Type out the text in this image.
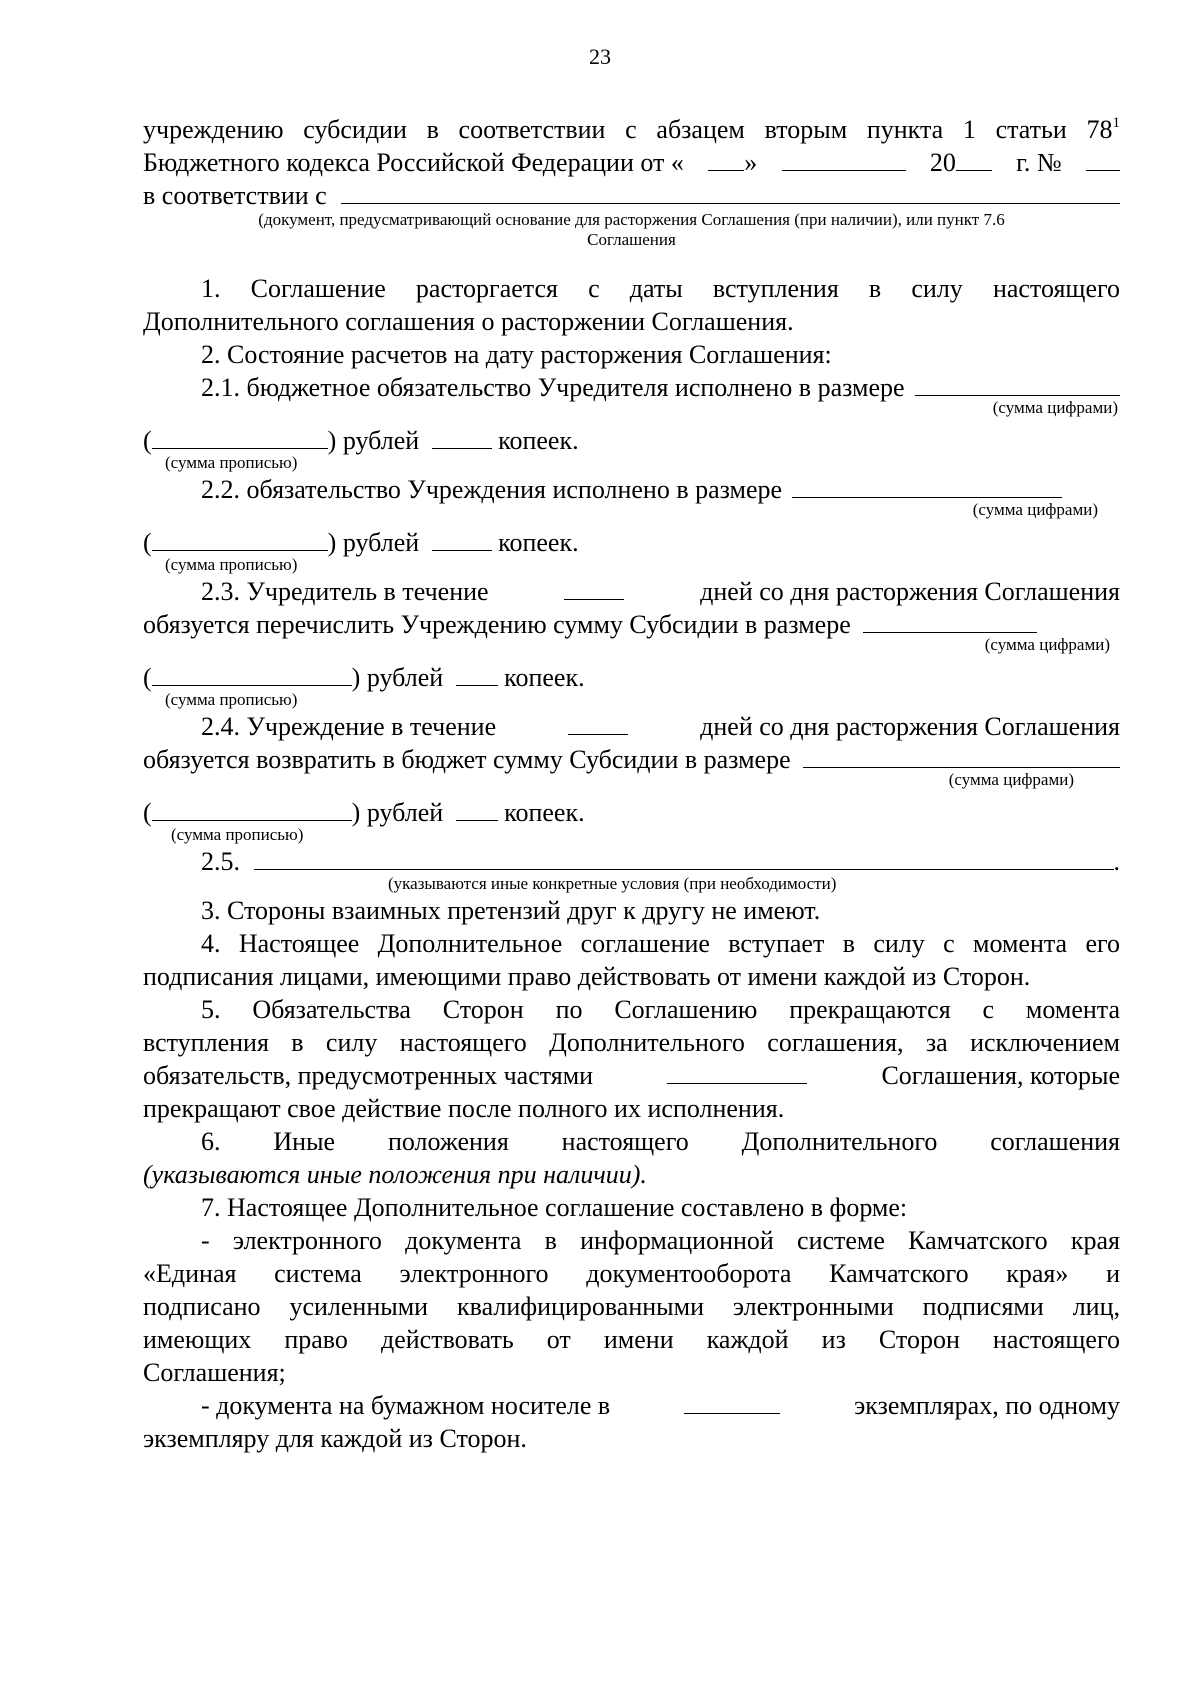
23
учреждению субсидии в соответствии с абзацем вторым пункта 1 статьи $78^1$
Бюджетного кодекса Российской Федерации от « »	20 г. №
в соответствии с
(документ, предусматривающий основание для расторжения Соглашения (при наличии), или пункт 7.6
Соглашения
1. Соглашение расторгается с даты вступления в силу настоящего
Дополнительного соглашения о расторжении Соглашения.
2. Состояние расчетов на дату расторжения Соглашения:
2.1. бюджетное обязательство Учредителя исполнено в размере
(сумма цифрами)
(	) рублей	копеек.
(сумма прописью)
2.2. обязательство Учреждения исполнено в размере
(сумма цифрами)
(	) рублей	копеек.
(сумма прописью)
2.3. Учредитель в течение	дней со дня расторжения Соглашения
обязуется перечислить Учреждению сумму Субсидии в размере
(сумма цифрами)
(	) рублей копеек.
(сумма прописью)
2.4. Учреждение в течение	дней со дня расторжения Соглашения
обязуется возвратить в бюджет сумму Субсидии в размере
(сумма цифрами)
(	) рублей копеек.
(сумма прописью)
2.5.	.
(указываются иные конкретные условия (при необходимости)
3. Стороны взаимных претензий друг к другу не имеют.
4. Настоящее Дополнительное соглашение вступает в силу с момента его
подписания лицами, имеющими право действовать от имени каждой из Сторон.
5. Обязательства Сторон по Соглашению прекращаются с момента
вступления в силу настоящего Дополнительного соглашения, за исключением
обязательств, предусмотренных частями	Соглашения, которые
прекращают свое действие после полного их исполнения.
6. Иные положения настоящего Дополнительного соглашения
(указываются иные положения при наличии).
7. Настоящее Дополнительное соглашение составлено в форме:
- электронного документа в информационной системе Камчатского края
«Единая система электронного документооборота Камчатского края» и
подписано усиленными квалифицированными электронными подписями лиц,
имеющих право действовать от имени каждой из Сторон настоящего
Соглашения;
- документа на бумажном носителе в	экземплярах, по одному
экземпляру для каждой из Сторон.
